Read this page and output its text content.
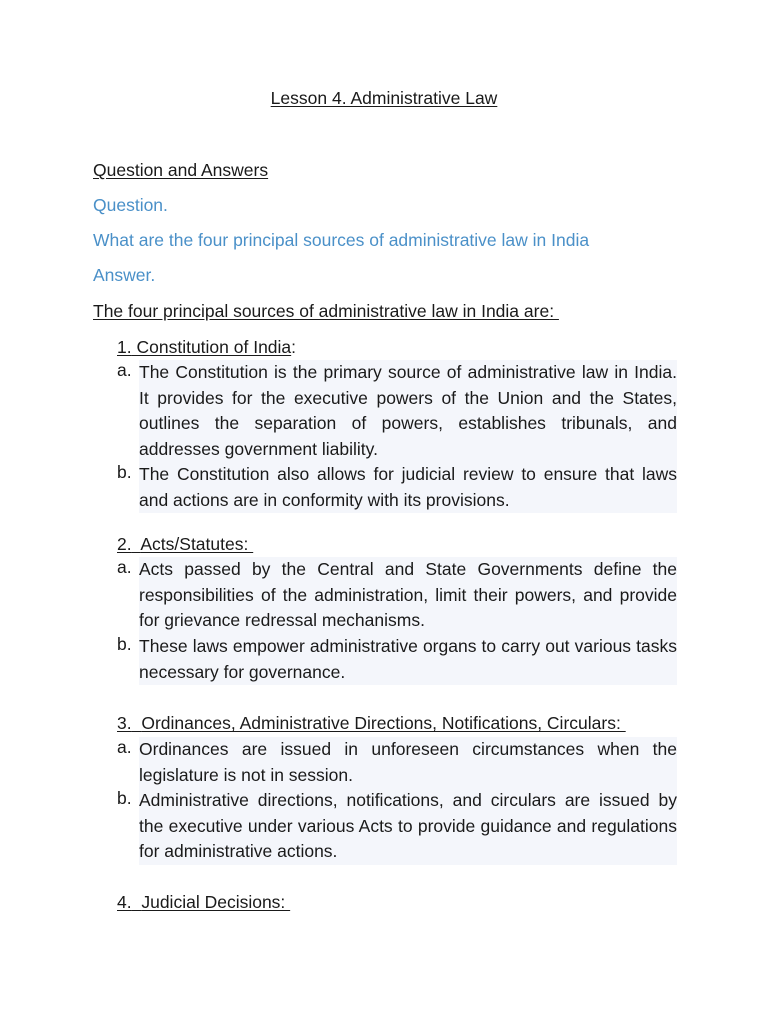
Lesson 4. Administrative Law

Question and Answers

Question.

What are the four principal sources of administrative law in India

Answer.

The four principal sources of administrative law in India are:

1. Constitution of India:

a. The Constitution is the primary source of administrative law in India. It provides for the executive powers of the Union and the States, outlines the separation of powers, establishes tribunals, and addresses government liability.
b. The Constitution also allows for judicial review to ensure that laws and actions are in conformity with its provisions.

2. Acts/Statutes:

a. Acts passed by the Central and State Governments define the responsibilities of the administration, limit their powers, and provide for grievance redressal mechanisms.
b. These laws empower administrative organs to carry out various tasks necessary for governance.

3. Ordinances, Administrative Directions, Notifications, Circulars:

a. Ordinances are issued in unforeseen circumstances when the legislature is not in session.
b. Administrative directions, notifications, and circulars are issued by the executive under various Acts to provide guidance and regulations for administrative actions.

4. Judicial Decisions:
